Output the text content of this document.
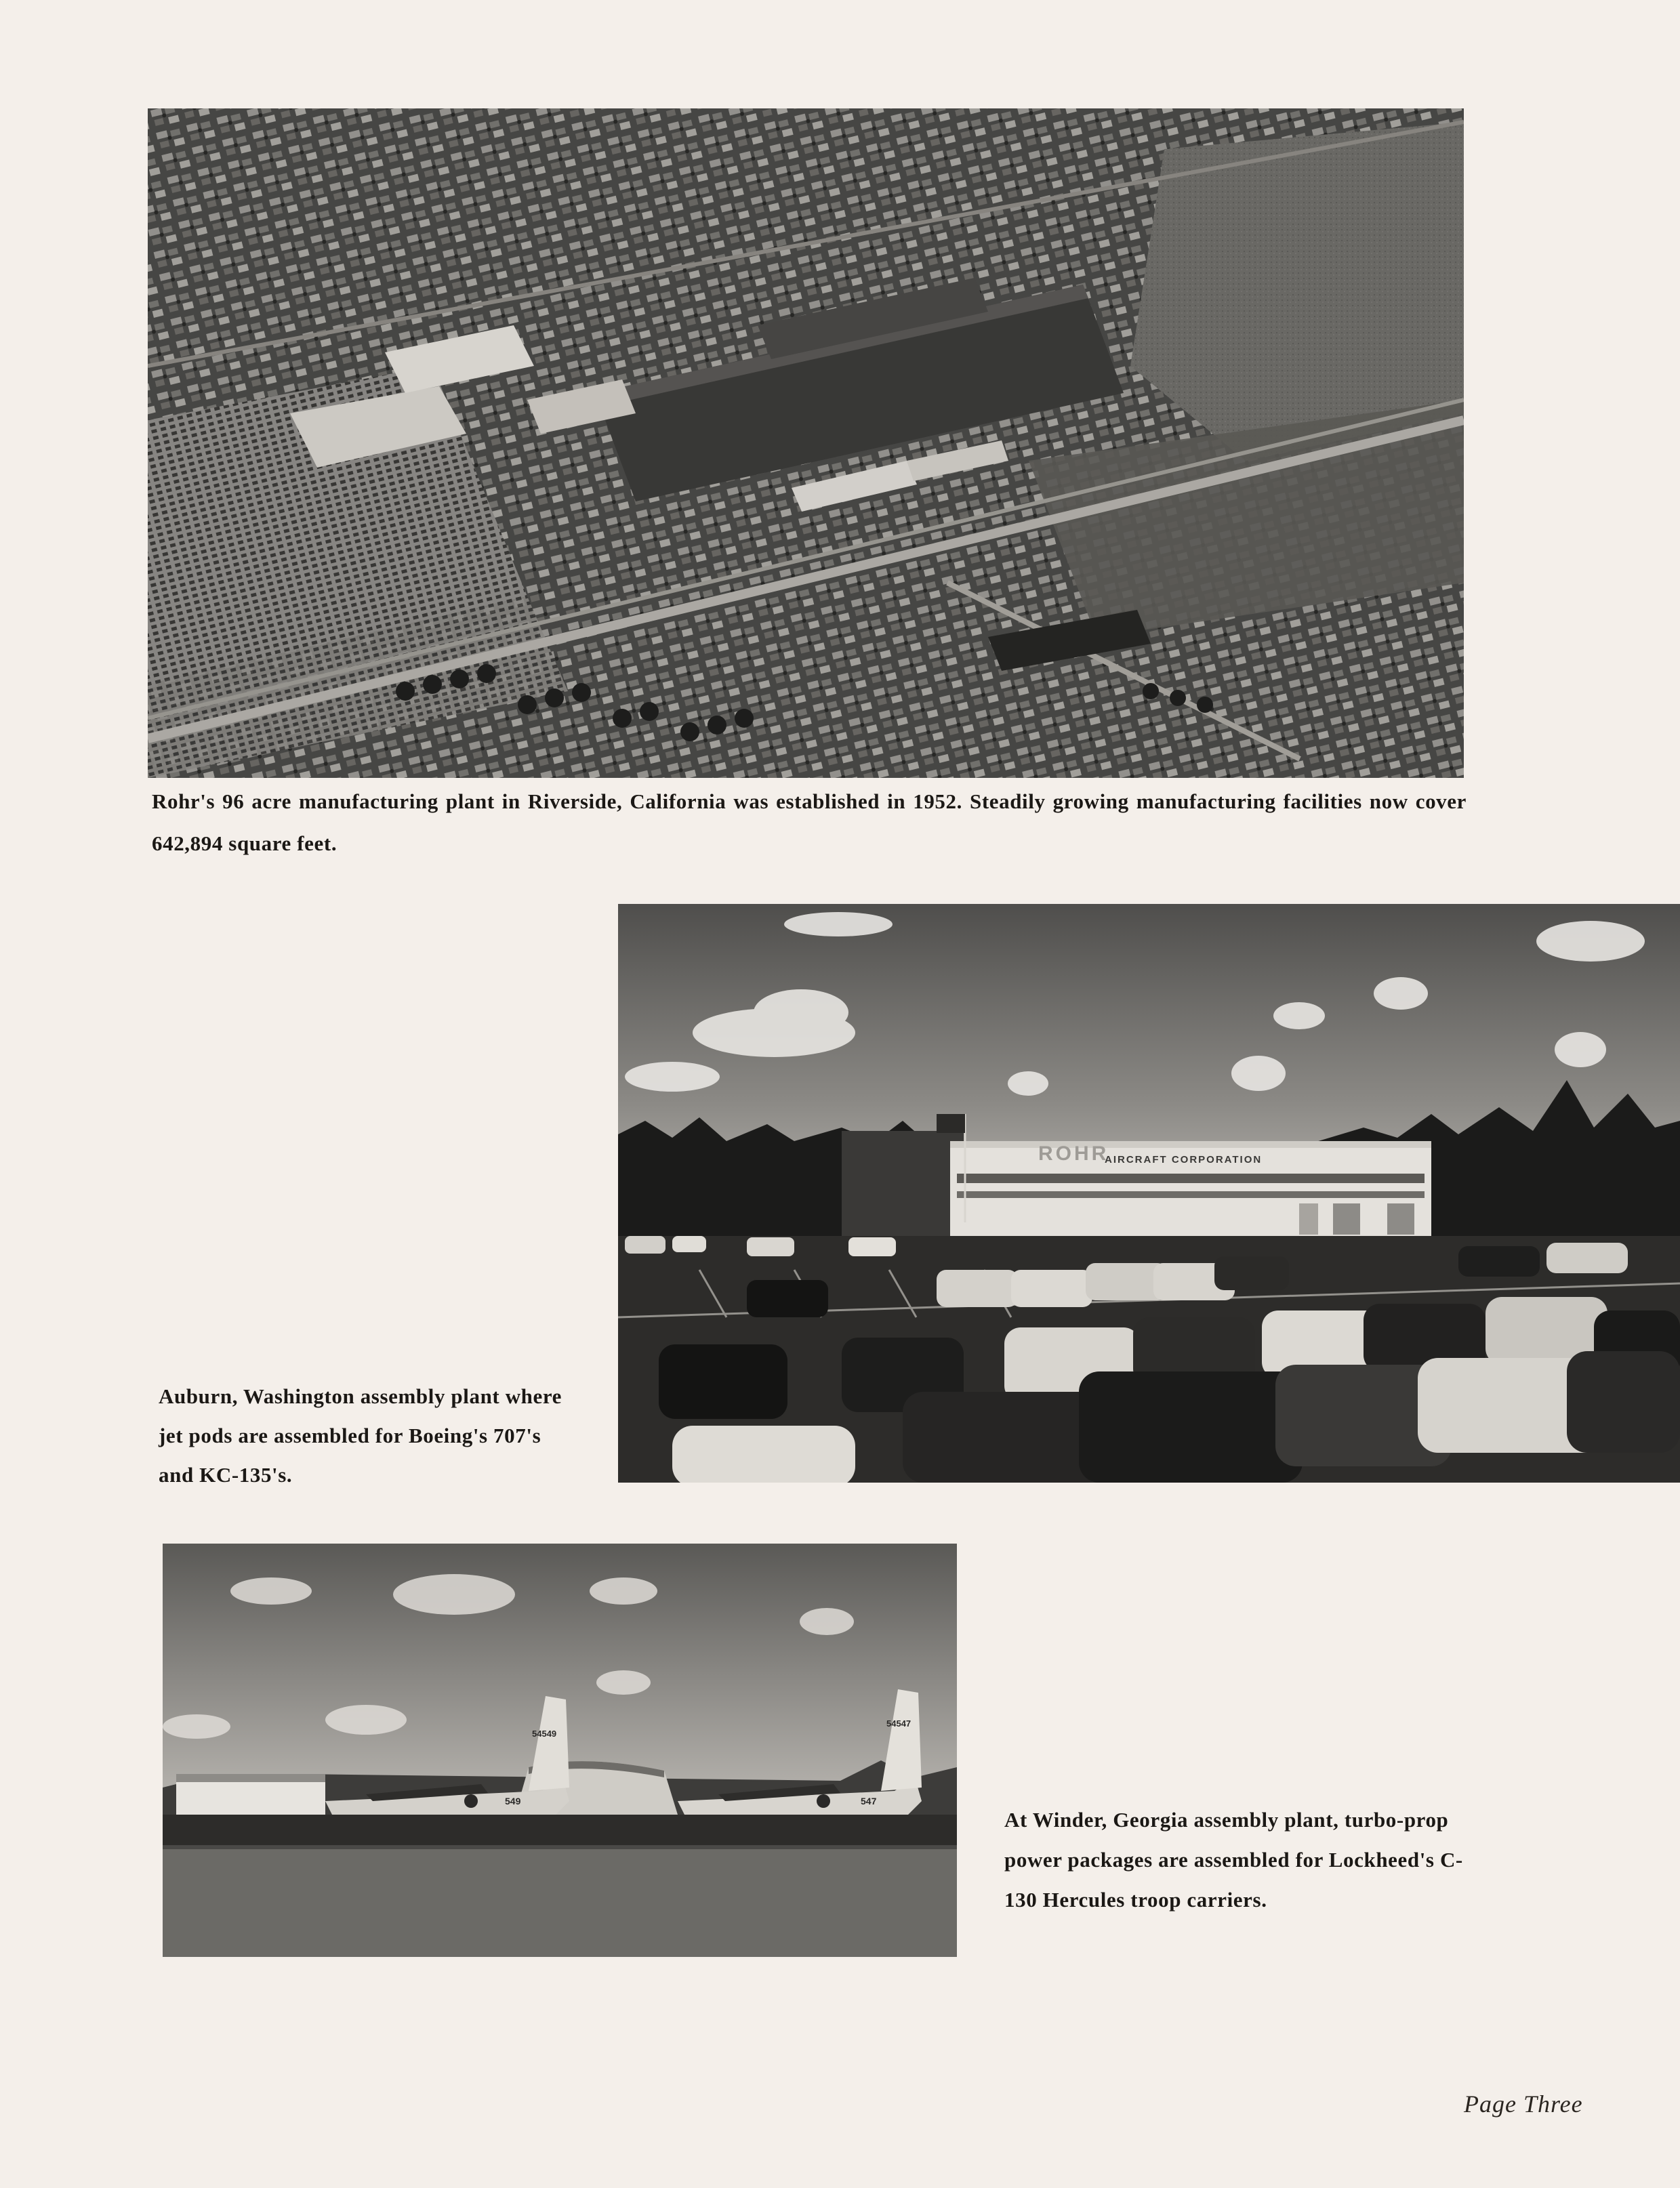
Rohr's 96 acre manufacturing plant in Riverside, California was established in 1952. Steadily growing manufacturing facilities now cover 642,894 square feet.
ROHR
AIRCRAFT CORPORATION
Auburn, Washington assembly plant where jet pods are assembled for Boeing's 707's and KC-135's.
54549
549
54547
547
At Winder, Georgia assembly plant, turbo-prop power packages are assembled for Lockheed's C-130 Hercules troop carriers.
Page Three
